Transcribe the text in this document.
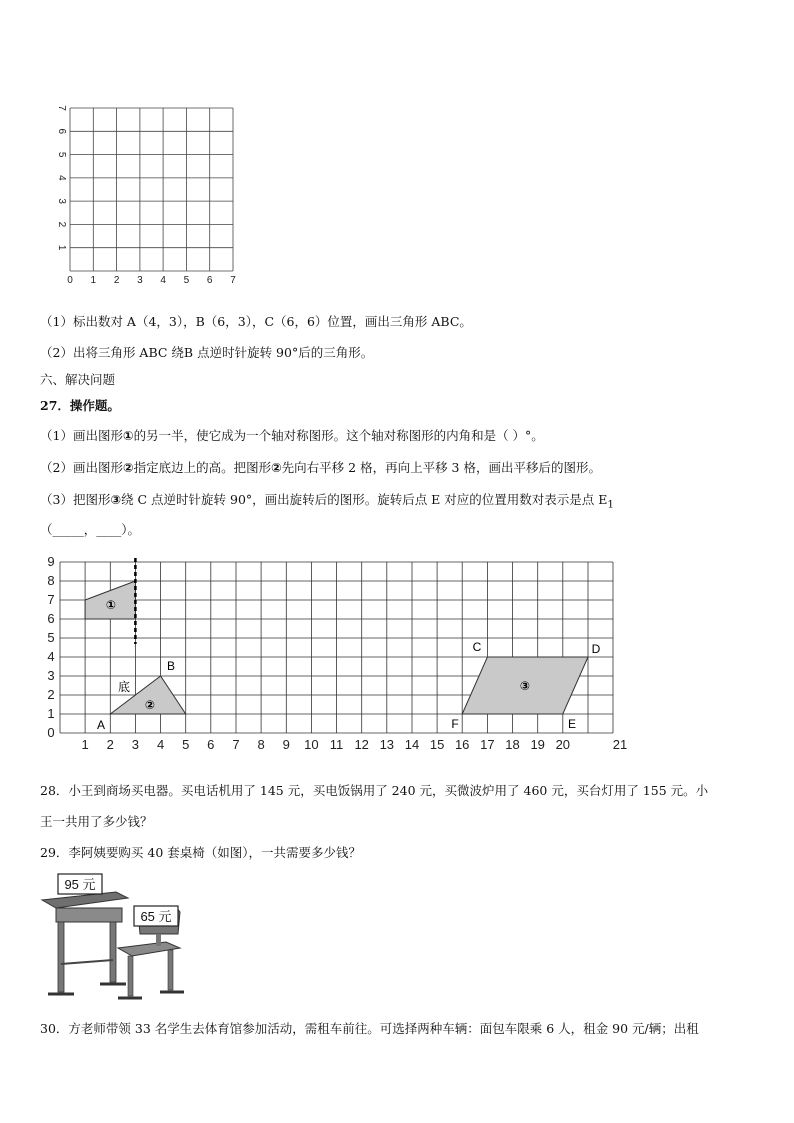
0 1 2 3 4 5 6 7
1
2
3
4
5
6
7
（1）标出数对 A（4，3），B（6，3），C（6，6）位置，画出三角形 ABC。
（2）出将三角形 ABC 绕B 点逆时针旋转 90°后的三角形。
六、解决问题
27．操作题。
（1）画出图形①的另一半，使它成为一个轴对称图形。这个轴对称图形的内角和是（ ）°。
（2）画出图形②指定底边上的高。把图形②先向右平移 2 格，再向上平移 3 格，画出平移后的图形。
（3）把图形③绕 C 点逆时针旋转 90°，画出旋转后的图形。旋转后点 E 对应的位置用数对表示是点 $E_1$
（_____，____）。
①
②
A
B
底	③
C	D
E
F
0
1
2
3
4
5
6
7
8
9
1 2 3 4 5 6 7 8 9 10 11 12 13 14 15 16 17 18 19 20	21
28．小王到商场买电器。买电话机用了 145 元，买电饭锅用了 240 元，买微波炉用了 460 元，买台灯用了 155 元。小
王一共用了多少钱？
29．李阿姨要购买 40 套桌椅（如图），一共需要多少钱？
95 元
65 元
30．方老师带领 33 名学生去体育馆参加活动，需租车前往。可选择两种车辆：面包车限乘 6 人，租金 90 元/辆；出租
